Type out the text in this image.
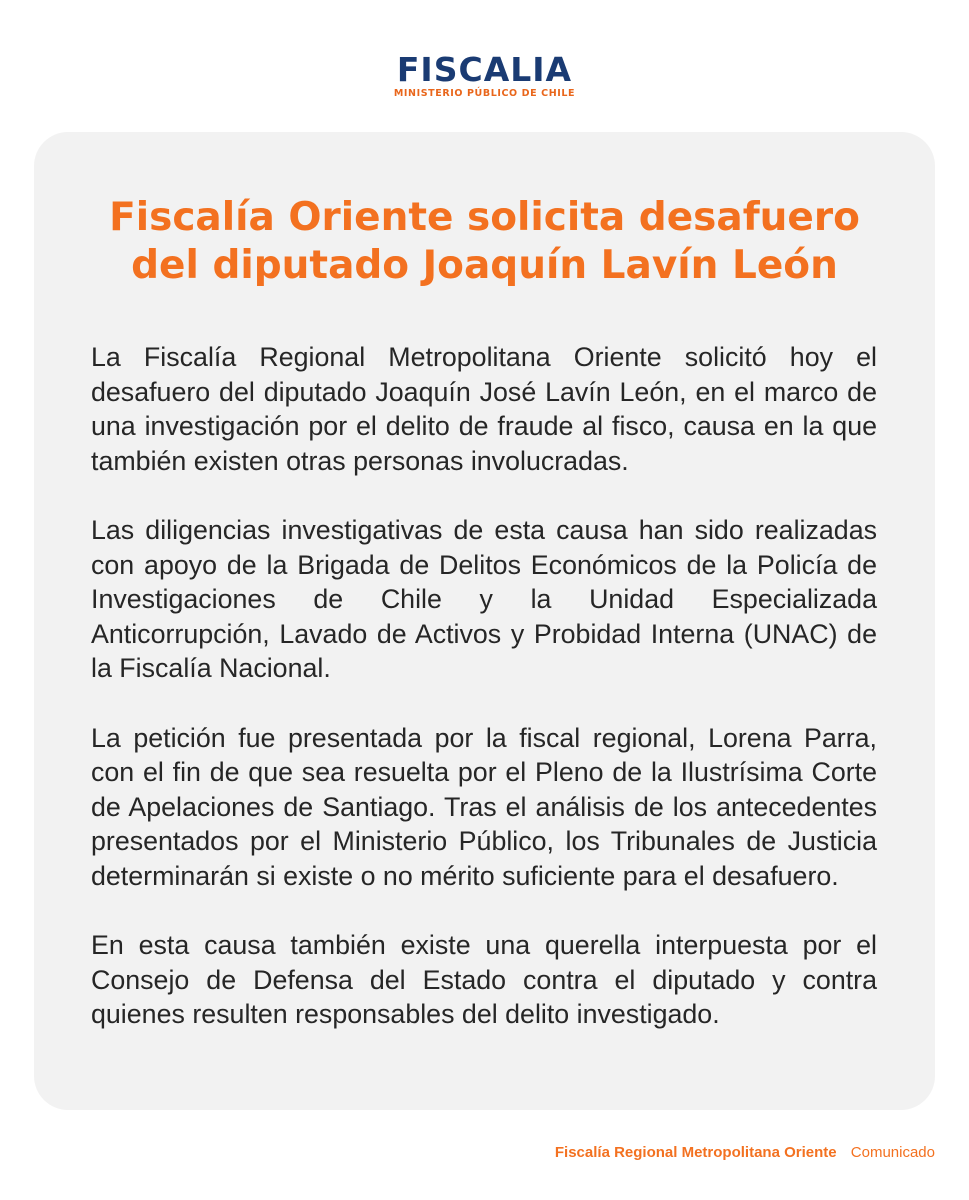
FISCALIA
MINISTERIO PÚBLICO DE CHILE
Fiscalía Oriente solicita desafuero
del diputado Joaquín Lavín León

La Fiscalía Regional Metropolitana Oriente solicitó hoy el desafuero del diputado Joaquín José Lavín León, en el marco de una investigación por el delito de fraude al fisco, causa en la que también existen otras personas involucradas.

Las diligencias investigativas de esta causa han sido realizadas con apoyo de la Brigada de Delitos Económicos de la Policía de Investigaciones de Chile y la Unidad Especializada Anticorrupción, Lavado de Activos y Probidad Interna (UNAC) de la Fiscalía Nacional.

La petición fue presentada por la fiscal regional, Lorena Parra, con el fin de que sea resuelta por el Pleno de la Ilustrísima Corte de Apelaciones de Santiago. Tras el análisis de los antecedentes presentados por el Ministerio Público, los Tribunales de Justicia determinarán si existe o no mérito suficiente para el desafuero.

En esta causa también existe una querella interpuesta por el Consejo de Defensa del Estado contra el diputado y contra quienes resulten responsables del delito investigado.

Fiscalía Regional Metropolitana Oriente Comunicado
